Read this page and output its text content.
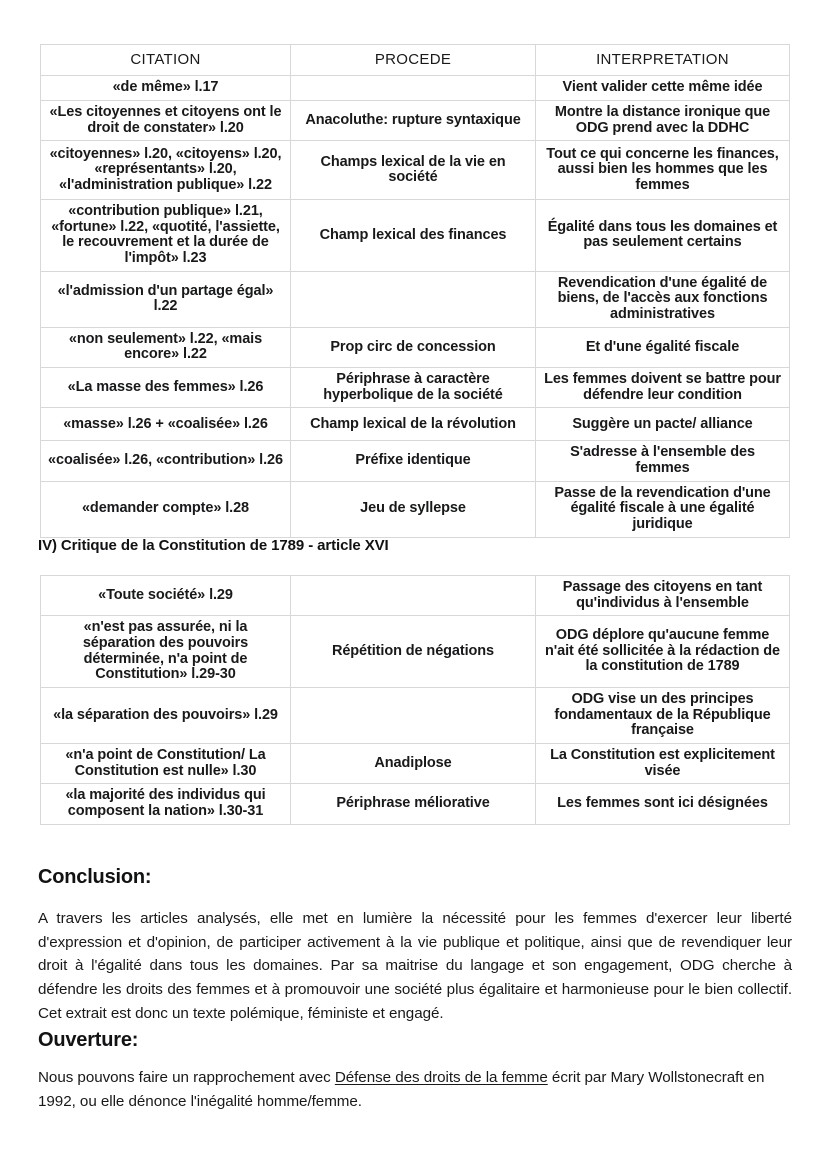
CITATION	PROCEDE	INTERPRETATION
«de même» l.17		Vient valider cette même idée
«Les citoyennes et citoyens ont le droit de constater» l.20	Anacoluthe: rupture syntaxique	Montre la distance ironique que ODG prend avec la DDHC
«citoyennes» l.20, «citoyens» l.20, «représentants» l.20, «l'administration publique» l.22	Champs lexical de la vie en société	Tout ce qui concerne les finances, aussi bien les hommes que les femmes
«contribution publique» l.21, «fortune» l.22, «quotité, l'assiette, le recouvrement et la durée de l'impôt» l.23	Champ lexical des finances	Égalité dans tous les domaines et pas seulement certains
«l'admission d'un partage égal» l.22		Revendication d'une égalité de biens, de l'accès aux fonctions administratives
«non seulement» l.22, «mais encore» l.22	Prop circ de concession	Et d'une égalité fiscale
«La masse des femmes» l.26	Périphrase à caractère hyperbolique de la société	Les femmes doivent se battre pour défendre leur condition
«masse» l.26 + «coalisée» l.26	Champ lexical de la révolution	Suggère un pacte/ alliance
«coalisée» l.26, «contribution» l.26	Préfixe identique	S'adresse à l'ensemble des femmes
«demander compte» l.28	Jeu de syllepse	Passe de la revendication d'une égalité fiscale à une égalité juridique
IV) Critique de la Constitution de 1789 - article XVI
«Toute société» l.29		Passage des citoyens en tant qu'individus à l'ensemble
«n'est pas assurée, ni la séparation des pouvoirs déterminée, n'a point de Constitution» l.29-30	Répétition de négations	ODG déplore qu'aucune femme n'ait été sollicitée à la rédaction de la constitution de 1789
«la séparation des pouvoirs» l.29		ODG vise un des principes fondamentaux de la République française
«n'a point de Constitution/ La Constitution est nulle» l.30	Anadiplose	La Constitution est explicitement visée
«la majorité des individus qui composent la nation» l.30-31	Périphrase méliorative	Les femmes sont ici désignées
Conclusion:
A travers les articles analysés, elle met en lumière la nécessité pour les femmes d'exercer leur liberté d'expression et d'opinion, de participer activement à la vie publique et politique, ainsi que de revendiquer leur droit à l'égalité dans tous les domaines. Par sa maitrise du langage et son engagement, ODG cherche à défendre les droits des femmes et à promouvoir une société plus égalitaire et harmonieuse pour le bien collectif. Cet extrait est donc un texte polémique, féministe et engagé.
Ouverture:
Nous pouvons faire un rapprochement avec Défense des droits de la femme écrit par Mary Wollstonecraft en 1992, ou elle dénonce l'inégalité homme/femme.
